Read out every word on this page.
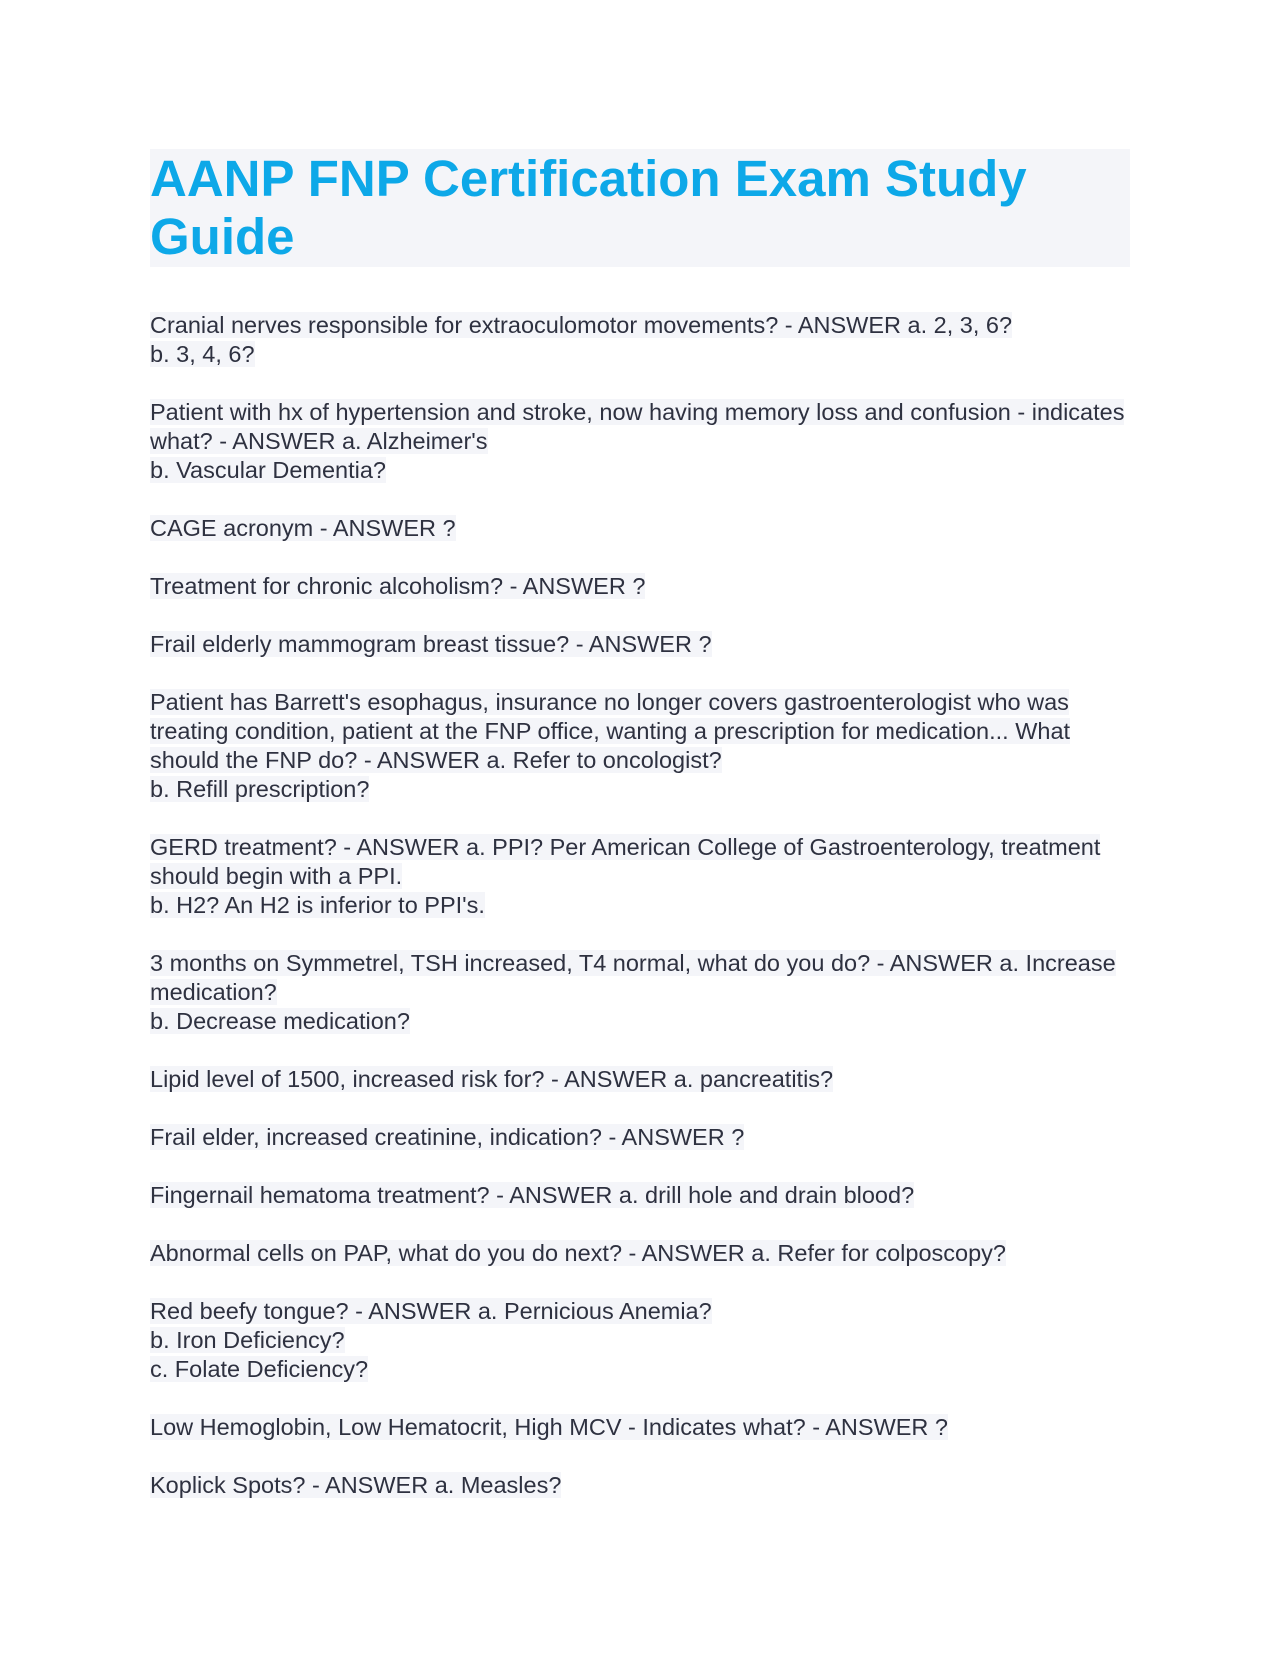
AANP FNP Certification Exam Study Guide
Cranial nerves responsible for extraoculomotor movements? - ANSWER a. 2, 3, 6?
b. 3, 4, 6?
Patient with hx of hypertension and stroke, now having memory loss and confusion - indicates what? - ANSWER a. Alzheimer's
b. Vascular Dementia?
CAGE acronym - ANSWER ?
Treatment for chronic alcoholism? - ANSWER ?
Frail elderly mammogram breast tissue? - ANSWER ?
Patient has Barrett's esophagus, insurance no longer covers gastroenterologist who was treating condition, patient at the FNP office, wanting a prescription for medication... What should the FNP do? - ANSWER a. Refer to oncologist?
b. Refill prescription?
GERD treatment? - ANSWER a. PPI? Per American College of Gastroenterology, treatment should begin with a PPI.
b. H2? An H2 is inferior to PPI's.
3 months on Symmetrel, TSH increased, T4 normal, what do you do? - ANSWER a. Increase medication?
b. Decrease medication?
Lipid level of 1500, increased risk for? - ANSWER a. pancreatitis?
Frail elder, increased creatinine, indication? - ANSWER ?
Fingernail hematoma treatment? - ANSWER a. drill hole and drain blood?
Abnormal cells on PAP, what do you do next? - ANSWER a. Refer for colposcopy?
Red beefy tongue? - ANSWER a. Pernicious Anemia?
b. Iron Deficiency?
c. Folate Deficiency?
Low Hemoglobin, Low Hematocrit, High MCV - Indicates what? - ANSWER ?
Koplick Spots? - ANSWER a. Measles?
